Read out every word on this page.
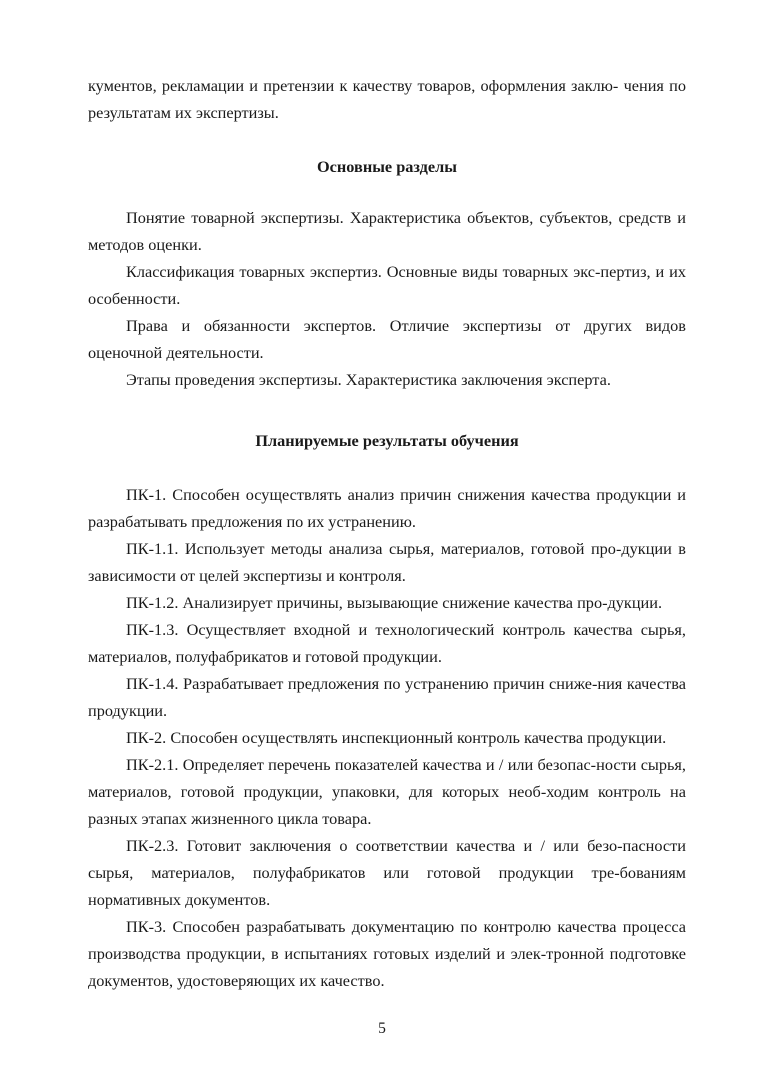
кументов, рекламации и претензии к качеству товаров, оформления заклю- чения по результатам их экспертизы.

Основные разделы

Понятие товарной экспертизы. Характеристика объектов, субъектов, средств и методов оценки.

Классификация товарных экспертиз. Основные виды товарных экс-пертиз, и их особенности.

Права и обязанности экспертов. Отличие экспертизы от других видов оценочной деятельности.

Этапы проведения экспертизы. Характеристика заключения эксперта.

Планируемые результаты обучения

ПК-1. Способен осуществлять анализ причин снижения качества продукции и разрабатывать предложения по их устранению.

ПК-1.1. Использует методы анализа сырья, материалов, готовой про-дукции в зависимости от целей экспертизы и контроля.

ПК-1.2. Анализирует причины, вызывающие снижение качества про-дукции.

ПК-1.3. Осуществляет входной и технологический контроль качества сырья, материалов, полуфабрикатов и готовой продукции.

ПК-1.4. Разрабатывает предложения по устранению причин сниже-ния качества продукции.

ПК-2. Способен осуществлять инспекционный контроль качества продукции.

ПК-2.1. Определяет перечень показателей качества и / или безопас-ности сырья, материалов, готовой продукции, упаковки, для которых необ-ходим контроль на разных этапах жизненного цикла товара.

ПК-2.3. Готовит заключения о соответствии качества и / или безо-пасности сырья, материалов, полуфабрикатов или готовой продукции тре-бованиям нормативных документов.

ПК-3. Способен разрабатывать документацию по контролю качества процесса производства продукции, в испытаниях готовых изделий и элек-тронной подготовке документов, удостоверяющих их качество.

5
